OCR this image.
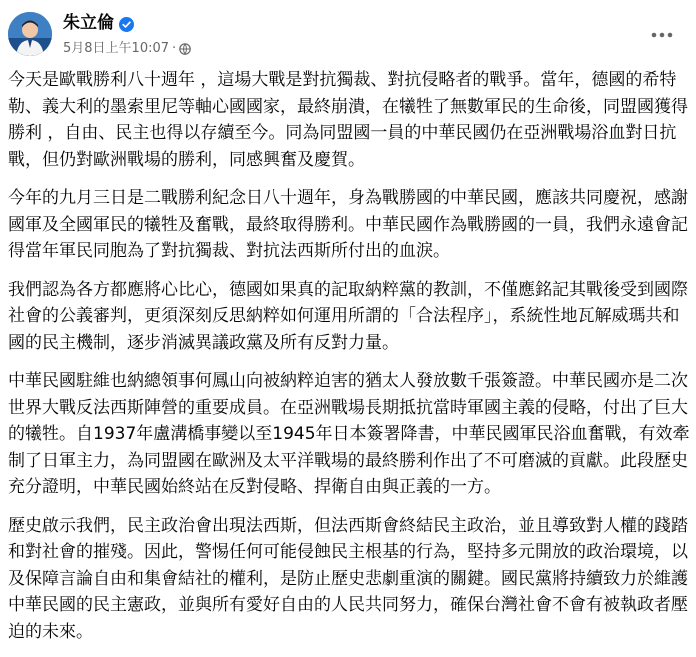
朱立倫
5月8日上午10:07 ·

今天是歐戰勝利八十週年 ，這場大戰是對抗獨裁、對抗侵略者的戰爭。當年，德國的希特勒、義大利的墨索里尼等軸心國國家，最終崩潰，在犧牲了無數軍民的生命後，同盟國獲得勝利 ，自由、民主也得以存續至今。同為同盟國一員的中華民國仍在亞洲戰場浴血對日抗戰，但仍對歐洲戰場的勝利，同感興奮及慶賀。

今年的九月三日是二戰勝利紀念日八十週年，身為戰勝國的中華民國，應該共同慶祝，感謝國軍及全國軍民的犧牲及奮戰，最終取得勝利。中華民國作為戰勝國的一員，我們永遠會記得當年軍民同胞為了對抗獨裁、對抗法西斯所付出的血淚。

我們認為各方都應將心比心，德國如果真的記取納粹黨的教訓，不僅應銘記其戰後受到國際社會的公義審判，更須深刻反思納粹如何運用所謂的「合法程序」，系統性地瓦解威瑪共和國的民主機制，逐步消滅異議政黨及所有反對力量。

中華民國駐維也納總領事何鳳山向被納粹迫害的猶太人發放數千張簽證。中華民國亦是二次世界大戰反法西斯陣營的重要成員。在亞洲戰場長期抵抗當時軍國主義的侵略，付出了巨大的犧牲。自1937年盧溝橋事變以至1945年日本簽署降書，中華民國軍民浴血奮戰，有效牽制了日軍主力，為同盟國在歐洲及太平洋戰場的最終勝利作出了不可磨滅的貢獻。此段歷史充分證明，中華民國始終站在反對侵略、捍衛自由與正義的一方。

歷史啟示我們，民主政治會出現法西斯，但法西斯會終結民主政治，並且導致對人權的踐踏和對社會的摧殘。因此，警惕任何可能侵蝕民主根基的行為，堅持多元開放的政治環境，以及保障言論自由和集會結社的權利，是防止歷史悲劇重演的關鍵。國民黨將持續致力於維護中華民國的民主憲政，並與所有愛好自由的人民共同努力，確保台灣社會不會有被執政者壓迫的未來。
